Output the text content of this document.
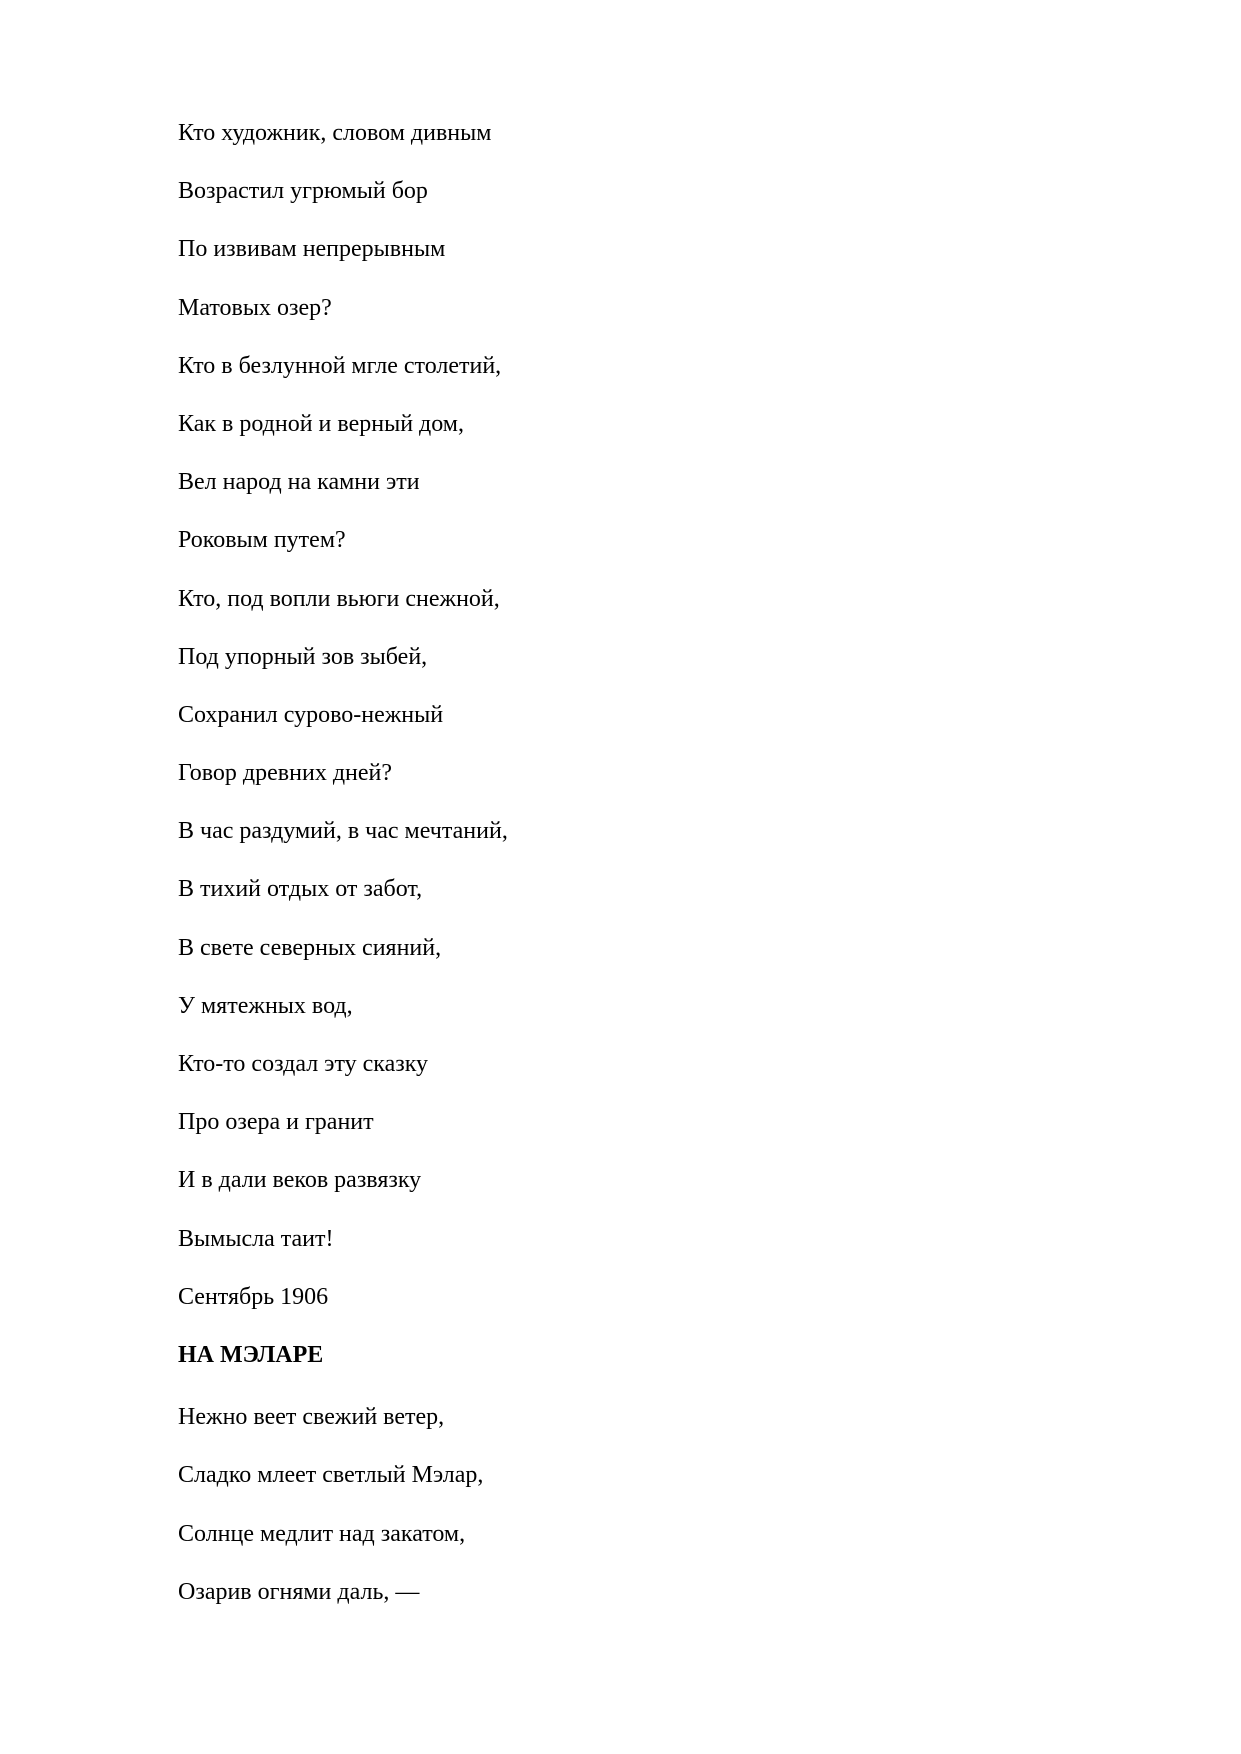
Кто художник, словом дивным
Возрастил угрюмый бор
По извивам непрерывным
Матовых озер?
Кто в безлунной мгле столетий,
Как в родной и верный дом,
Вел народ на камни эти
Роковым путем?
Кто, под вопли вьюги снежной,
Под упорный зов зыбей,
Сохранил сурово-нежный
Говор древних дней?
В час раздумий, в час мечтаний,
В тихий отдых от забот,
В свете северных сияний,
У мятежных вод,
Кто-то создал эту сказку
Про озера и гранит
И в дали веков развязку
Вымысла таит!
Сентябрь 1906
НА МЭЛАРЕ
Нежно веет свежий ветер,
Сладко млеет светлый Мэлар,
Солнце медлит над закатом,
Озарив огнями даль, —
